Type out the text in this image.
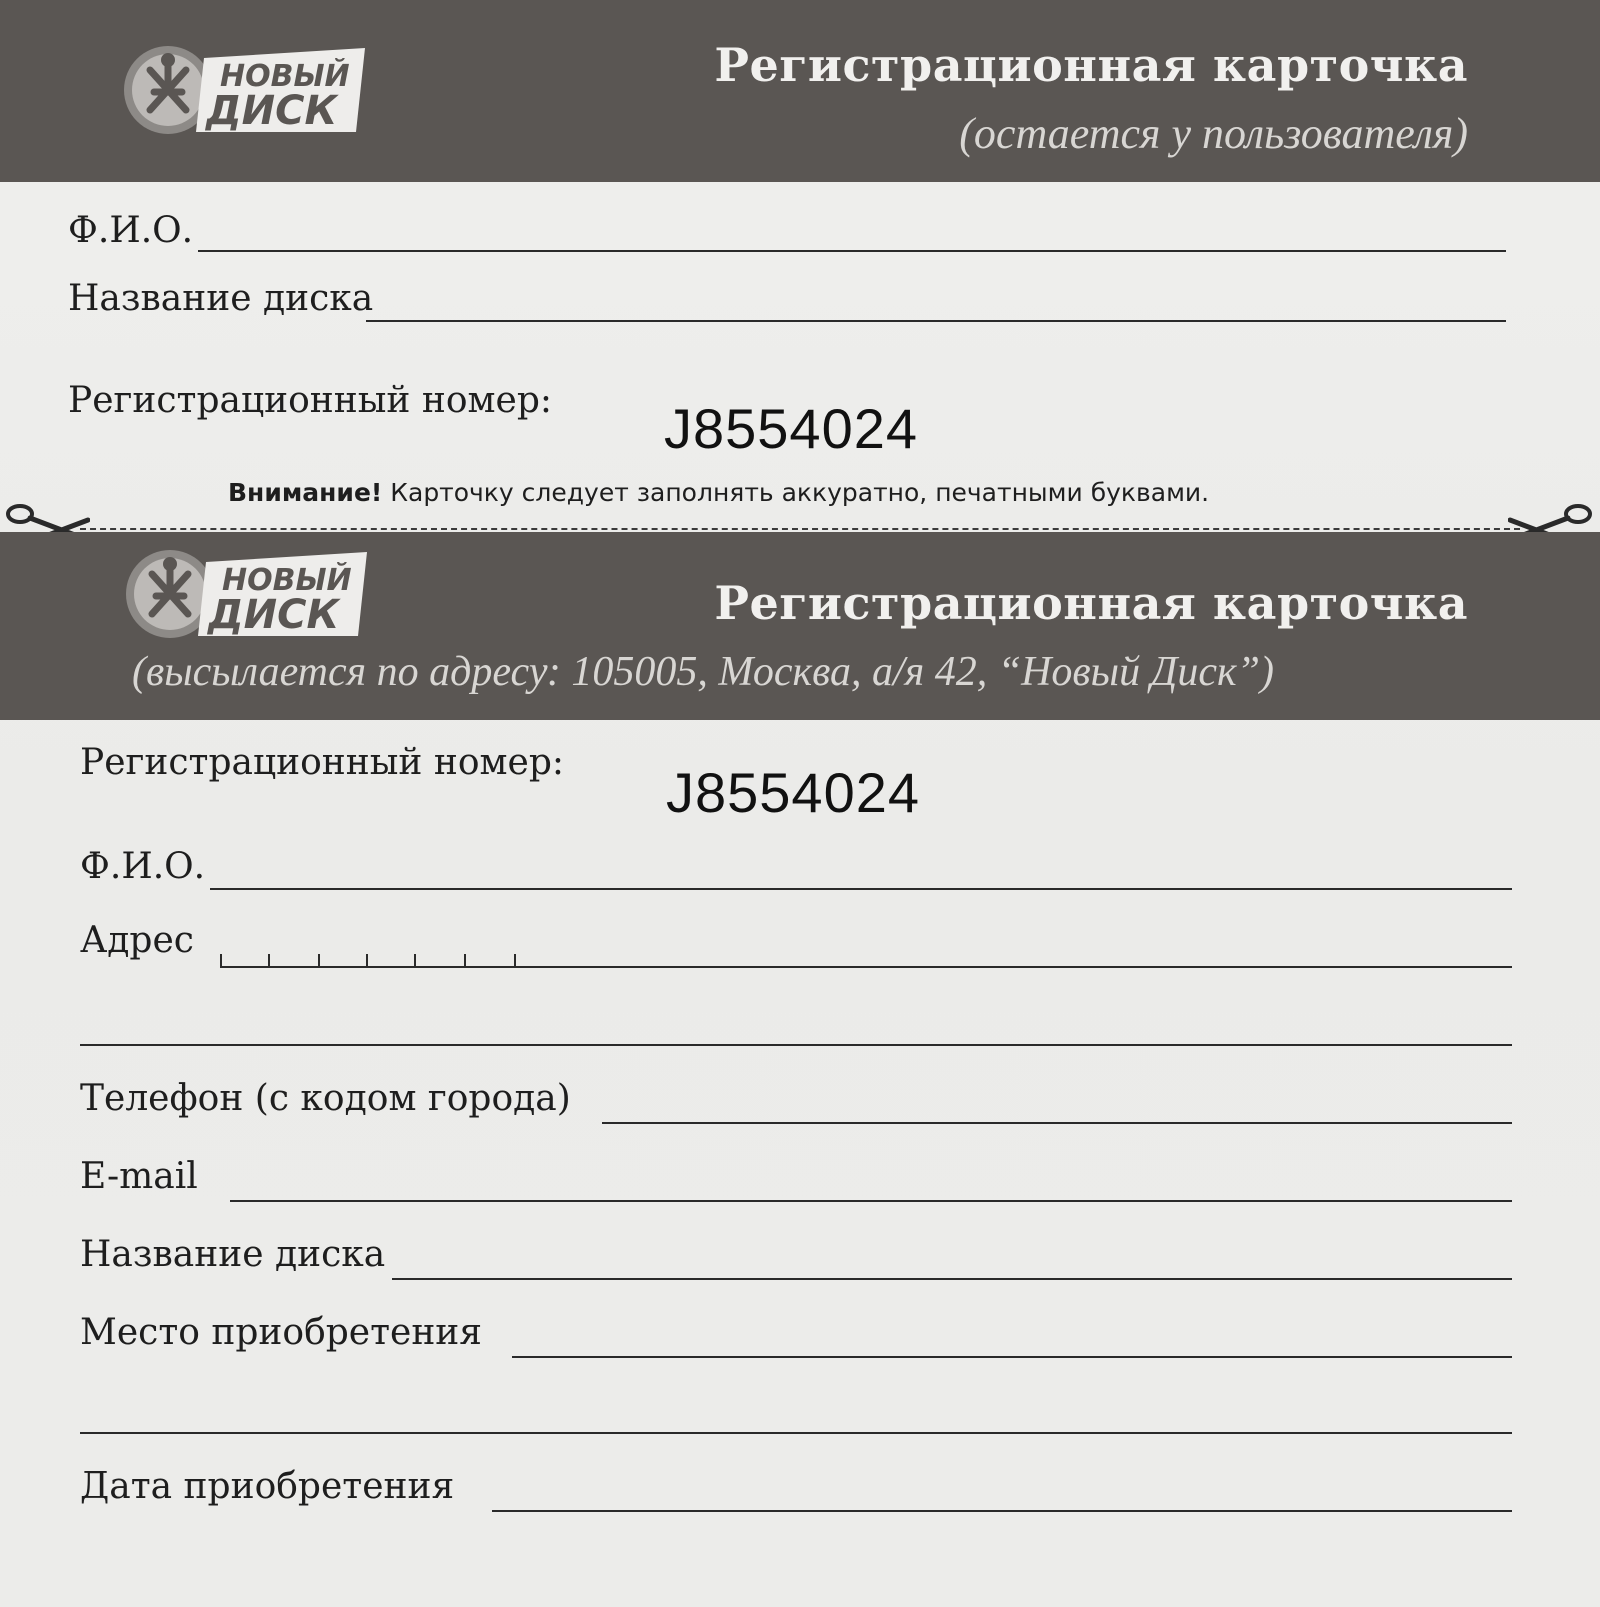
НОВЫЙ
ДИСК
Регистрационная карточка
(остается у пользователя)
Ф.И.О.
Название диска
Регистрационный номер: J8554024
Внимание! Карточку следует заполнять аккуратно, печатными буквами.
НОВЫЙ
ДИСК	Регистрационная карточка
(высылается по адресу: 105005, Москва, а/я 42, “Новый Диск”)
Регистрационный номер: J8554024
Ф.И.О.
Адрес
Телефон (с кодом города)
E-mail
Название диска
Место приобретения
Дата приобретения
